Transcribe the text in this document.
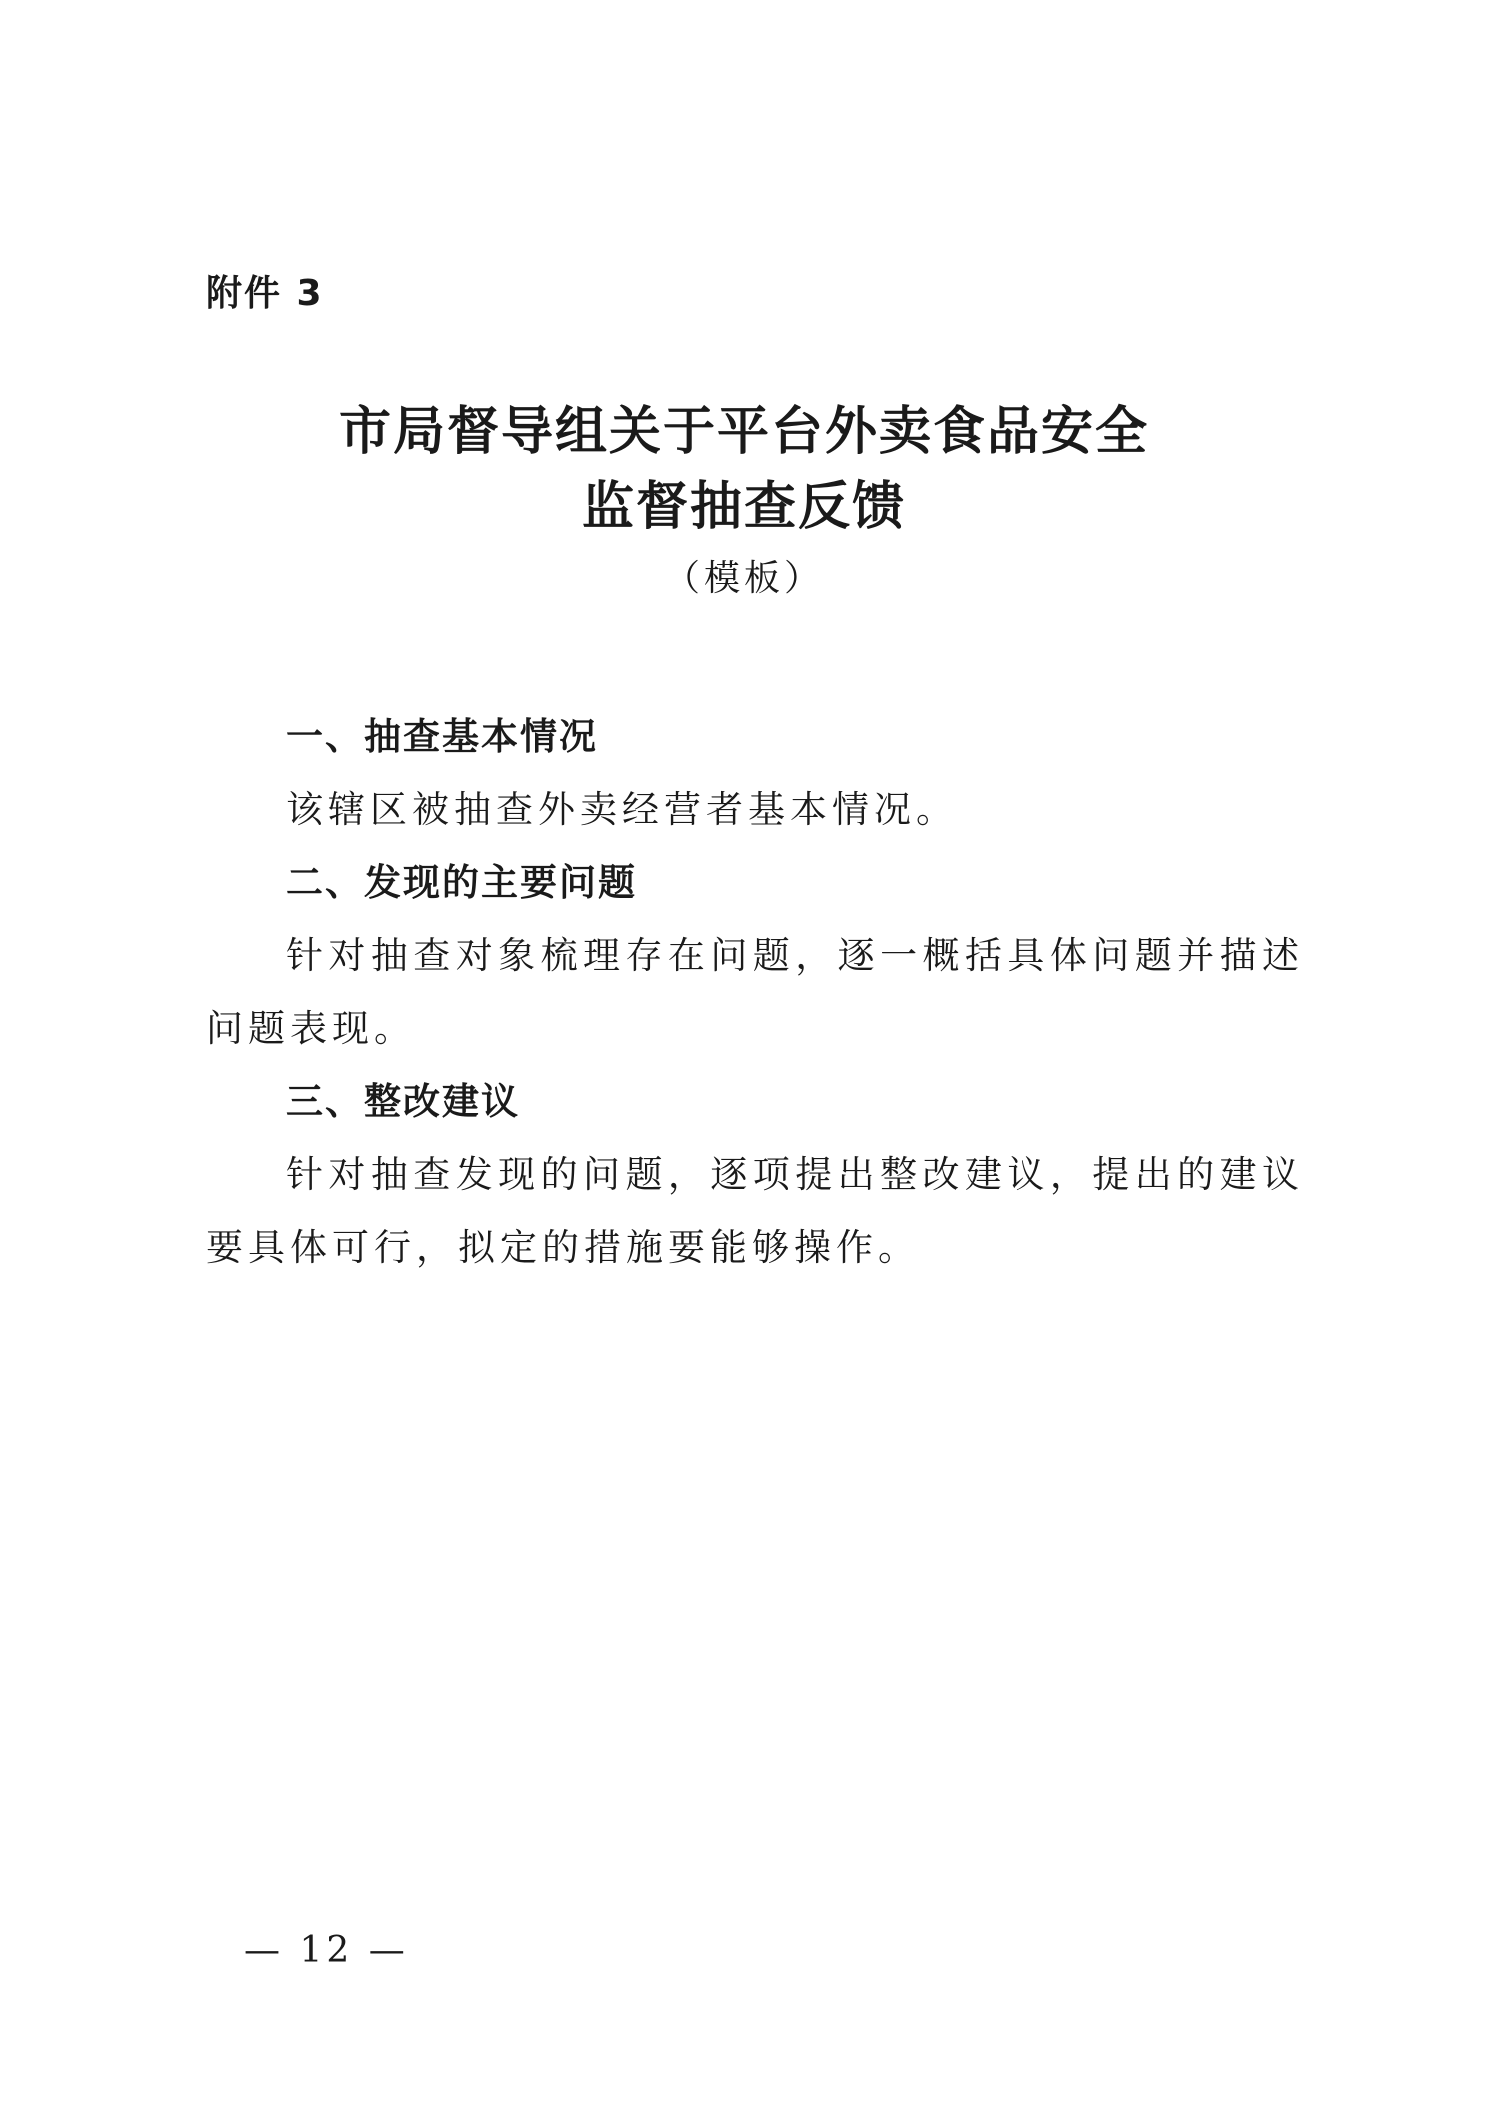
附件 3
市局督导组关于平台外卖食品安全
监督抽查反馈
（模板）
一、抽查基本情况
该辖区被抽查外卖经营者基本情况。
二、发现的主要问题
针对抽查对象梳理存在问题，逐一概括具体问题并描述问题表现。
三、整改建议
针对抽查发现的问题，逐项提出整改建议，提出的建议要具体可行，拟定的措施要能够操作。
— 12 —
